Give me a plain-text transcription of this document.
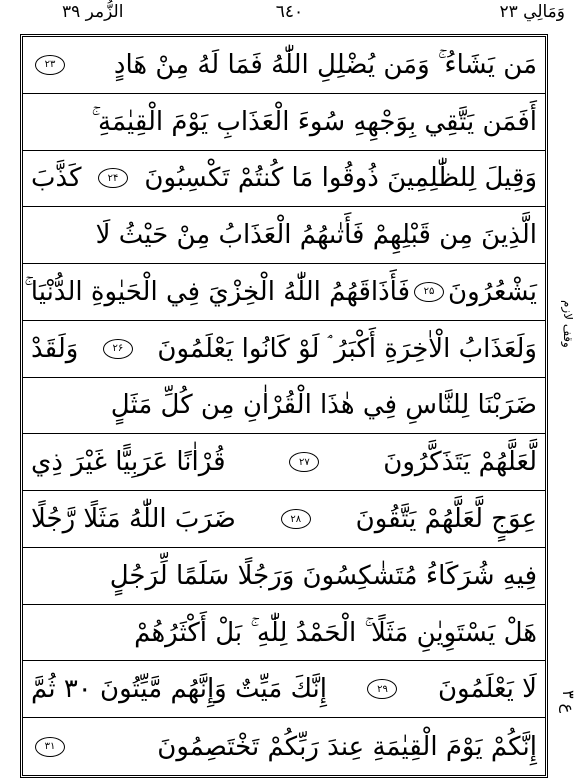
وَمَالِي ۲۳
٦٤٠
الزُّمر ۳۹
مَن يَشَاءُ ۚ وَمَن يُضْلِلِ اللّٰهُ فَمَا لَهُ مِنْ هَادٍ
۲۳
أَفَمَن يَتَّقِي بِوَجْهِهِ سُوءَ الْعَذَابِ يَوْمَ الْقِيٰمَةِ ۚ
وَقِيلَ لِلظّٰلِمِينَ ذُوقُوا مَا كُنتُمْ تَكْسِبُونَ
۲۴
كَذَّبَ
الَّذِينَ مِن قَبْلِهِمْ فَأَتٰىهُمُ الْعَذَابُ مِنْ حَيْثُ لَا
يَشْعُرُونَ
۲۵
فَأَذَاقَهُمُ اللّٰهُ الْخِزْيَ فِي الْحَيٰوةِ الدُّنْيَا ۚ
وَلَعَذَابُ الْاٰخِرَةِ أَكْبَرُ ۘ لَوْ كَانُوا يَعْلَمُونَ
۲۶
وَلَقَدْ
ضَرَبْنَا لِلنَّاسِ فِي هٰذَا الْقُرْاٰنِ مِن كُلِّ مَثَلٍ
لَّعَلَّهُمْ يَتَذَكَّرُونَ
۲۷
قُرْاٰنًا عَرَبِيًّا غَيْرَ ذِي
عِوَجٍ لَّعَلَّهُمْ يَتَّقُونَ
۲۸
ضَرَبَ اللّٰهُ مَثَلًا رَّجُلًا
فِيهِ شُرَكَاءُ مُتَشٰكِسُونَ وَرَجُلًا سَلَمًا لِّرَجُلٍ
هَلْ يَسْتَوِيٰنِ مَثَلًا ۚ الْحَمْدُ لِلّٰهِ ۚ بَلْ أَكْثَرُهُمْ
لَا يَعْلَمُونَ
۲۹
إِنَّكَ مَيِّتٌ وَإِنَّهُم مَّيِّتُونَ ۳۰ ثُمَّ
إِنَّكُمْ يَوْمَ الْقِيٰمَةِ عِندَ رَبِّكُمْ تَخْتَصِمُونَ
۳۱
وقف لازم
ع ۳
